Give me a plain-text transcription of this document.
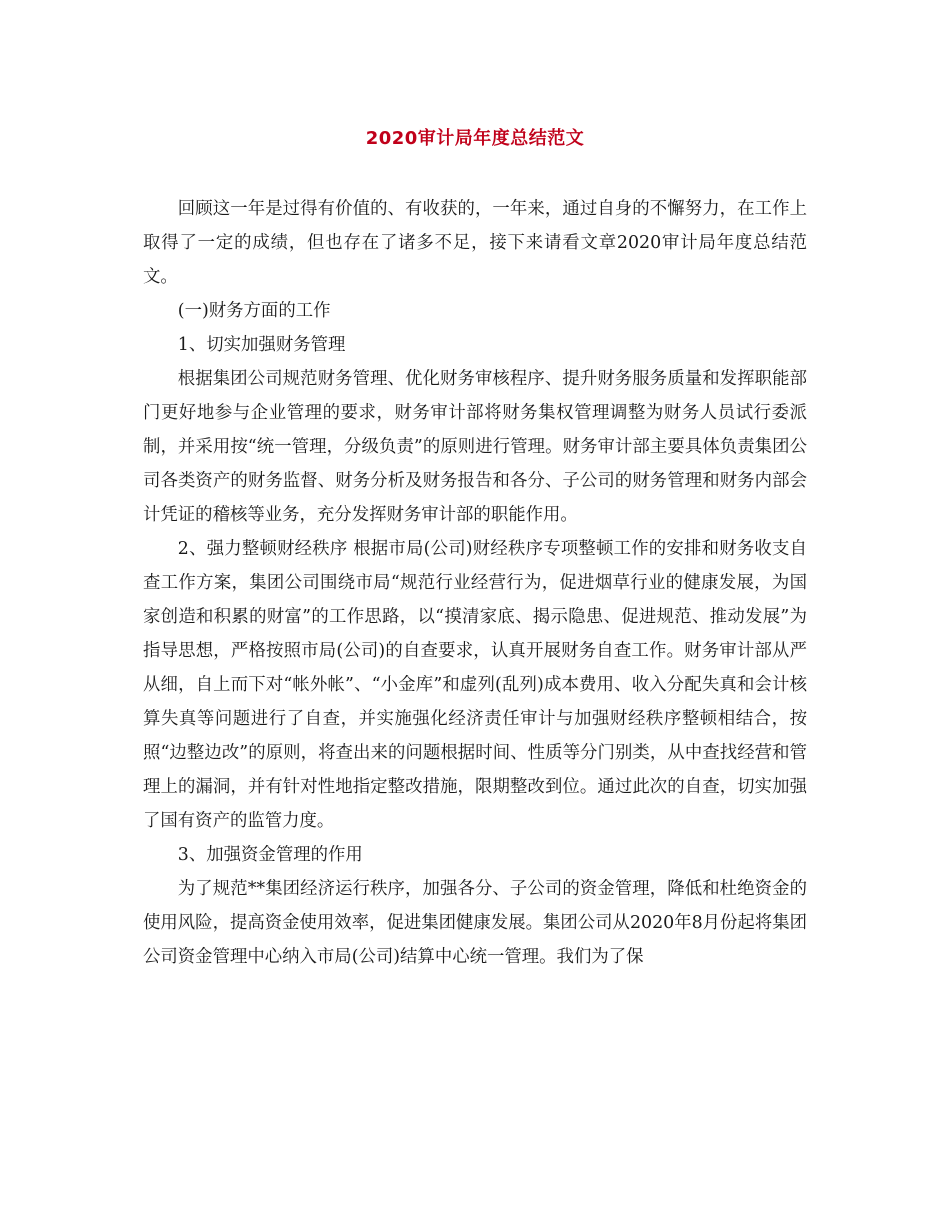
2020审计局年度总结范文

回顾这一年是过得有价值的、有收获的，一年来，通过自身的不懈努力，在工作上取得了一定的成绩，但也存在了诸多不足，接下来请看文章2020审计局年度总结范文。

(一)财务方面的工作

1、切实加强财务管理

根据集团公司规范财务管理、优化财务审核程序、提升财务服务质量和发挥职能部门更好地参与企业管理的要求，财务审计部将财务集权管理调整为财务人员试行委派制，并采用按“统一管理，分级负责”的原则进行管理。财务审计部主要具体负责集团公司各类资产的财务监督、财务分析及财务报告和各分、子公司的财务管理和财务内部会计凭证的稽核等业务，充分发挥财务审计部的职能作用。

2、强力整顿财经秩序 根据市局(公司)财经秩序专项整顿工作的安排和财务收支自查工作方案，集团公司围绕市局“规范行业经营行为，促进烟草行业的健康发展，为国家创造和积累的财富”的工作思路，以“摸清家底、揭示隐患、促进规范、推动发展”为指导思想，严格按照市局(公司)的自查要求，认真开展财务自查工作。财务审计部从严从细，自上而下对“帐外帐”、“小金库”和虚列(乱列)成本费用、收入分配失真和会计核算失真等问题进行了自查，并实施强化经济责任审计与加强财经秩序整顿相结合，按照“边整边改”的原则，将查出来的问题根据时间、性质等分门别类，从中查找经营和管理上的漏洞，并有针对性地指定整改措施，限期整改到位。通过此次的自查，切实加强了国有资产的监管力度。

3、加强资金管理的作用

为了规范**集团经济运行秩序，加强各分、子公司的资金管理，降低和杜绝资金的使用风险，提高资金使用效率，促进集团健康发展。集团公司从2020年8月份起将集团公司资金管理中心纳入市局(公司)结算中心统一管理。我们为了保
